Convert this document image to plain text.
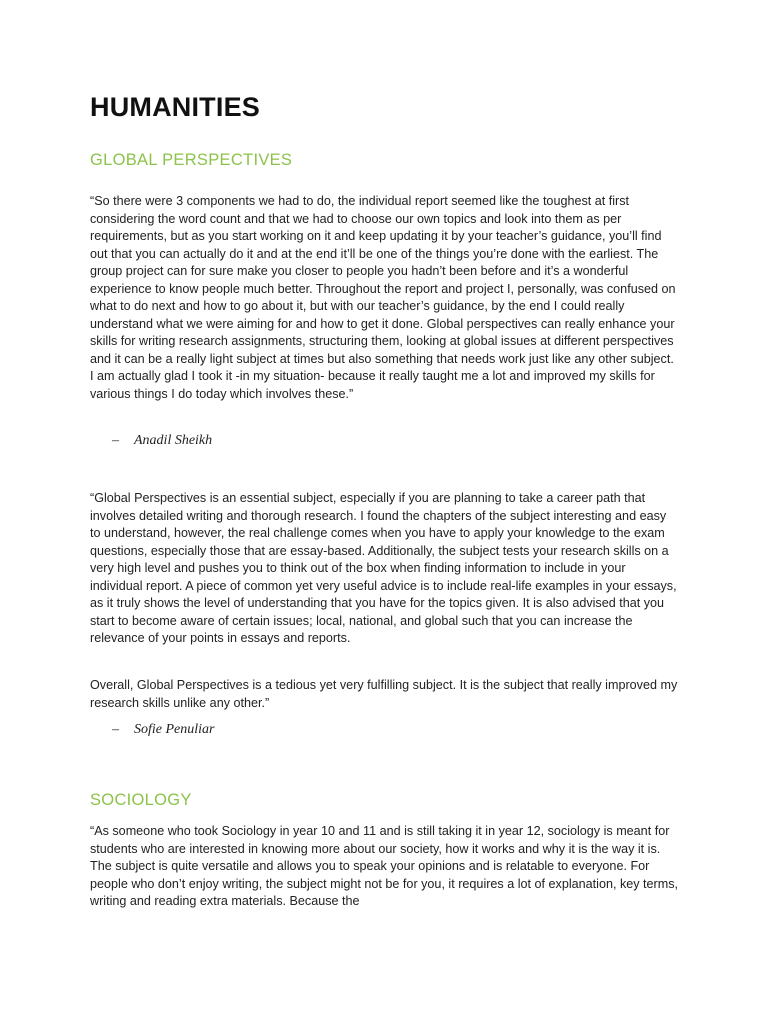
HUMANITIES
GLOBAL PERSPECTIVES

“So there were 3 components we had to do, the individual report seemed like the toughest at first considering the word count and that we had to choose our own topics and look into them as per requirements, but as you start working on it and keep updating it by your teacher’s guidance, you’ll find out that you can actually do it and at the end it’ll be one of the things you’re done with the earliest. The group project can for sure make you closer to people you hadn’t been before and it’s a wonderful experience to know people much better. Throughout the report and project I, personally, was confused on what to do next and how to go about it, but with our teacher’s guidance, by the end I could really understand what we were aiming for and how to get it done. Global perspectives can really enhance your skills for writing research assignments, structuring them, looking at global issues at different perspectives and it can be a really light subject at times but also something that needs work just like any other subject. I am actually glad I took it -in my situation- because it really taught me a lot and improved my skills for various things I do today which involves these.”

– Anadil Sheikh

“Global Perspectives is an essential subject, especially if you are planning to take a career path that involves detailed writing and thorough research. I found the chapters of the subject interesting and easy to understand, however, the real challenge comes when you have to apply your knowledge to the exam questions, especially those that are essay-based. Additionally, the subject tests your research skills on a very high level and pushes you to think out of the box when finding information to include in your individual report. A piece of common yet very useful advice is to include real-life examples in your essays, as it truly shows the level of understanding that you have for the topics given. It is also advised that you start to become aware of certain issues; local, national, and global such that you can increase the relevance of your points in essays and reports.

Overall, Global Perspectives is a tedious yet very fulfilling subject. It is the subject that really improved my research skills unlike any other.”

– Sofie Penuliar
SOCIOLOGY

“As someone who took Sociology in year 10 and 11 and is still taking it in year 12, sociology is meant for students who are interested in knowing more about our society, how it works and why it is the way it is. The subject is quite versatile and allows you to speak your opinions and is relatable to everyone. For people who don’t enjoy writing, the subject might not be for you, it requires a lot of explanation, key terms, writing and reading extra materials. Because the
